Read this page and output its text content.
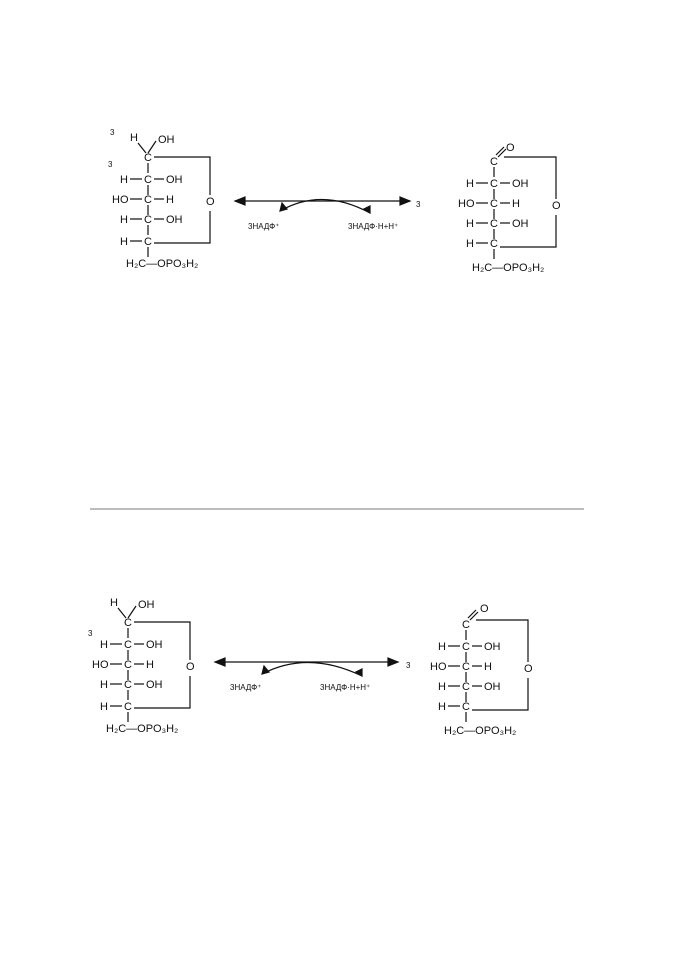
3 H OH
C
3
H C OH
HO C H
H C OH
H C
H₂C—OPO₃H₂
O
3НАДФ⁺	3НАДФ·Н+Н⁺
3
O
C
H C OH
HO C H
H C OH
H C
H₂C—OPO₃H₂
O
H OH
C
3
H C OH
HO C H
H C OH
H C
H₂C—OPO₃H₂
O
3НАДФ⁺	3НАДФ·Н+Н⁺
3
O
C
H C OH
HO C H
H C OH
H C
H₂C—OPO₃H₂
O
